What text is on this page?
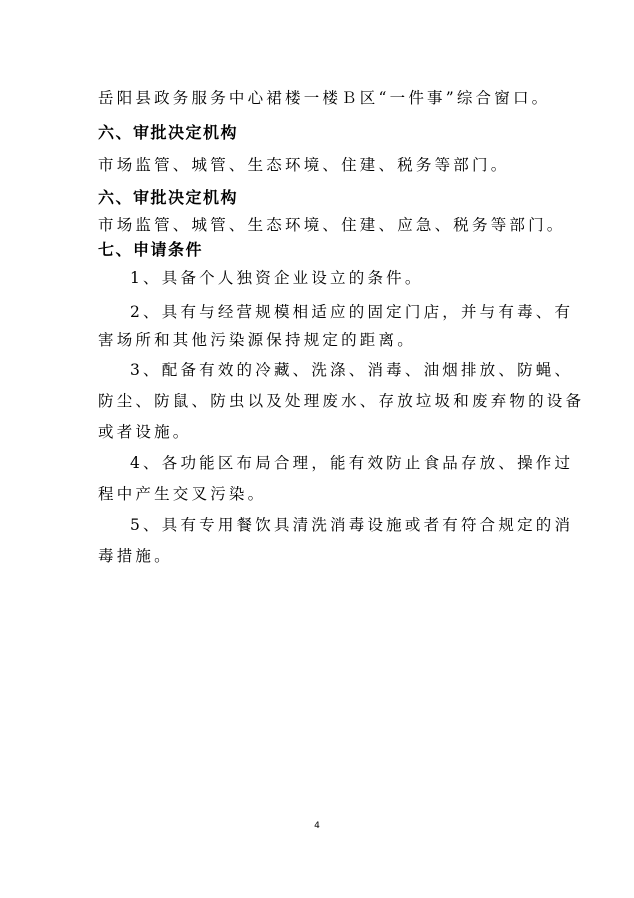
岳阳县政务服务中心裙楼一楼Ｂ区“一件事”综合窗口。
六、审批决定机构
市场监管、城管、生态环境、住建、税务等部门。
六、审批决定机构
市场监管、城管、生态环境、住建、应急、税务等部门。
七、申请条件
1、具备个人独资企业设立的条件。
2、具有与经营规模相适应的固定门店，并与有毒、有
害场所和其他污染源保持规定的距离。
3、配备有效的冷藏、洗涤、消毒、油烟排放、防蝇、
防尘、防鼠、防虫以及处理废水、存放垃圾和废弃物的设备
或者设施。
4、各功能区布局合理，能有效防止食品存放、操作过
程中产生交叉污染。
5、具有专用餐饮具清洗消毒设施或者有符合规定的消
毒措施。
4
